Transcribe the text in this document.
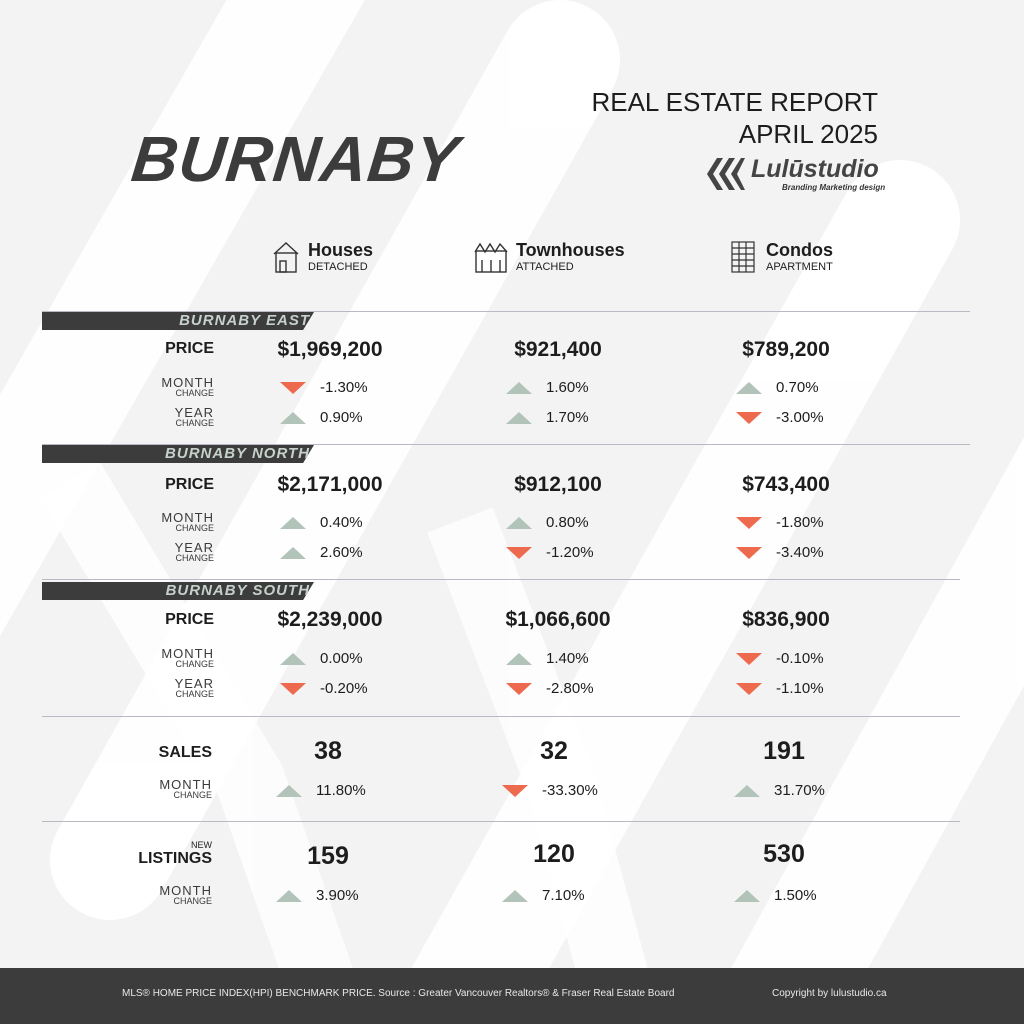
BURNABY
REAL ESTATE REPORT
APRIL 2025
Lulūstudio
Branding Marketing design
Houses
DETACHED
Townhouses
ATTACHED
Condos
APARTMENT
BURNABY EAST
PRICE	$1,969,200	$921,400	$789,200
MONTH
CHANGE	-1.30%	1.60%	0.70%
YEAR
CHANGE	0.90%	1.70%	-3.00%
BURNABY NORTH
PRICE	$2,171,000	$912,100	$743,400
MONTH
CHANGE	0.40%	0.80%	-1.80%
YEAR
CHANGE	2.60%	-1.20%	-3.40%
BURNABY SOUTH
PRICE	$2,239,000	$1,066,600	$836,900
MONTH
CHANGE	0.00%	1.40%	-0.10%
YEAR
CHANGE	-0.20%	-2.80%	-1.10%
SALES	38	32	191
MONTH
CHANGE	11.80%	-33.30%	31.70%
NEW
LISTINGS	159	120	530
MONTH
CHANGE	3.90%	7.10%	1.50%
MLS® HOME PRICE INDEX(HPI) BENCHMARK PRICE. Source : Greater Vancouver Realtors® & Fraser Real Estate Board	Copyright by lulustudio.ca
